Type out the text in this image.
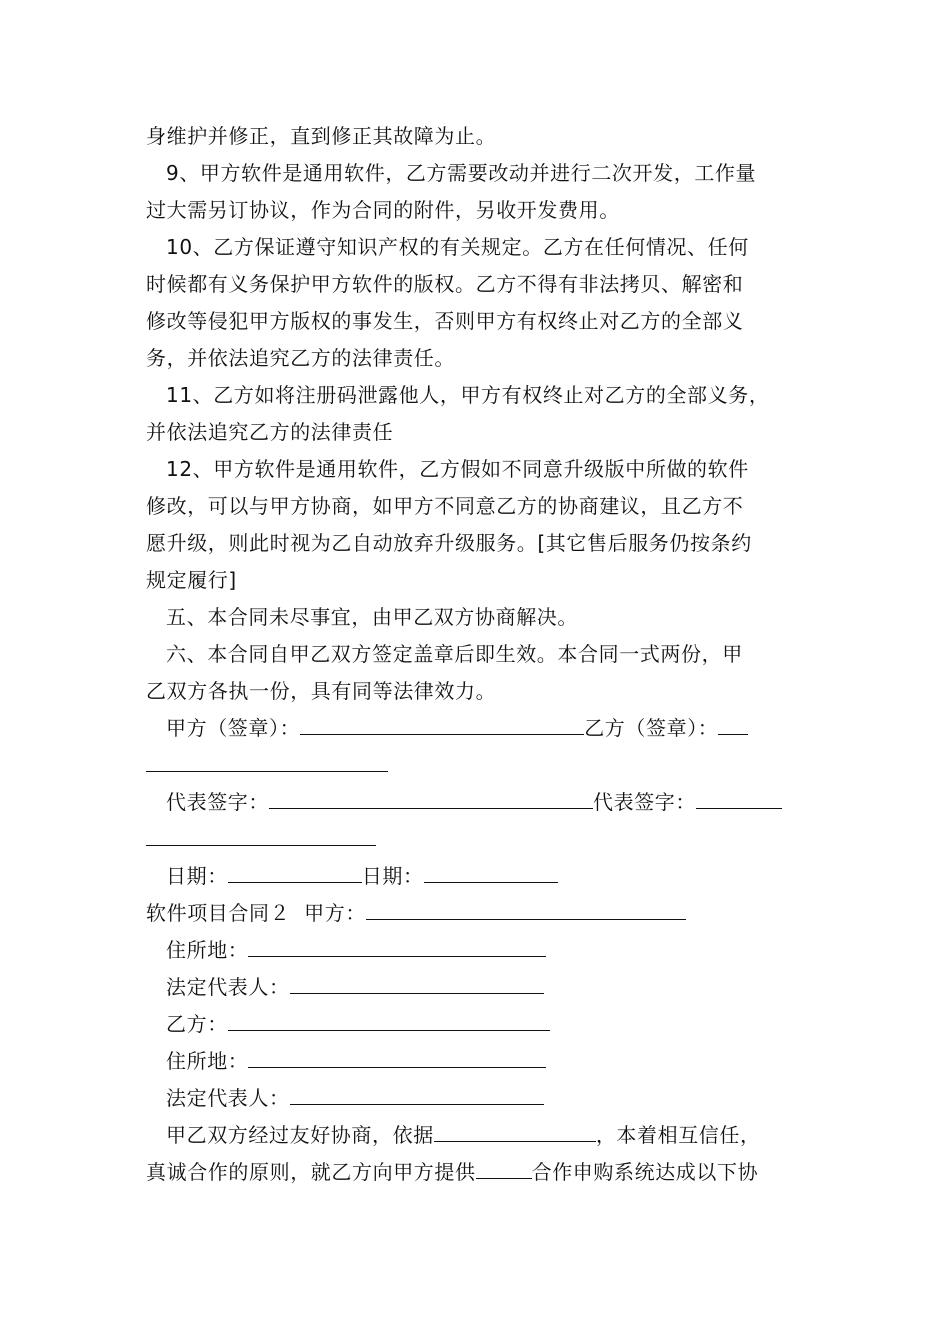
身维护并修正，直到修正其故障为止。
9、甲方软件是通用软件，乙方需要改动并进行二次开发，工作量
过大需另订协议，作为合同的附件，另收开发费用。
10、乙方保证遵守知识产权的有关规定。乙方在任何情况、任何
时候都有义务保护甲方软件的版权。乙方不得有非法拷贝、解密和
修改等侵犯甲方版权的事发生，否则甲方有权终止对乙方的全部义
务，并依法追究乙方的法律责任。
11、乙方如将注册码泄露他人，甲方有权终止对乙方的全部义务，
并依法追究乙方的法律责任
12、甲方软件是通用软件，乙方假如不同意升级版中所做的软件
修改，可以与甲方协商，如甲方不同意乙方的协商建议，且乙方不
愿升级，则此时视为乙自动放弃升级服务。[其它售后服务仍按条约
规定履行]
五、本合同未尽事宜，由甲乙双方协商解决。
六、本合同自甲乙双方签定盖章后即生效。本合同一式两份，甲
乙双方各执一份，具有同等法律效力。
甲方（签章）：	乙方（签章）：
代表签字：	代表签字：
日期：	日期：
软件项目合同２ 甲方：
住所地：
法定代表人：
乙方：
住所地：
法定代表人：
甲乙双方经过友好协商，依据	，本着相互信任，
真诚合作的原则，就乙方向甲方提供	合作申购系统达成以下协
